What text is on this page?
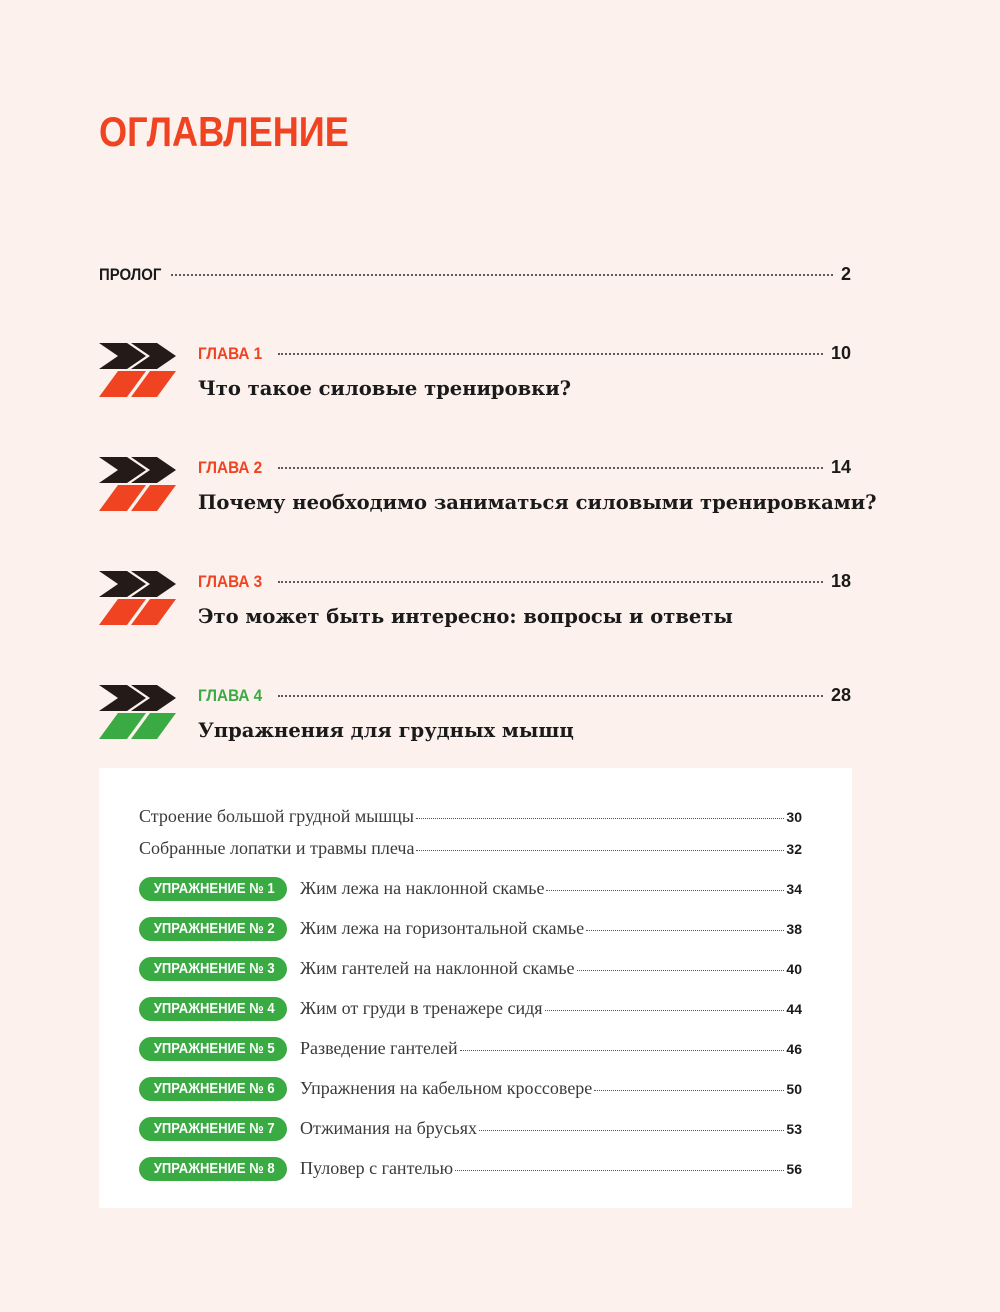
ОГЛАВЛЕНИЕ
ПРОЛОГ	2
ГЛАВА 1	10
Что такое силовые тренировки?
ГЛАВА 2	14
Почему необходимо заниматься силовыми тренировками?
ГЛАВА 3	18
Это может быть интересно: вопросы и ответы
ГЛАВА 4	28
Упражнения для грудных мышц
Строение большой грудной мышцы	30
Собранные лопатки и травмы плеча	32
УПРАЖНЕНИЕ № 1	Жим лежа на наклонной скамье	34
УПРАЖНЕНИЕ № 2	Жим лежа на горизонтальной скамье	38
УПРАЖНЕНИЕ № 3	Жим гантелей на наклонной скамье	40
УПРАЖНЕНИЕ № 4	Жим от груди в тренажере сидя	44
УПРАЖНЕНИЕ № 5	Разведение гантелей	46
УПРАЖНЕНИЕ № 6	Упражнения на кабельном кроссовере	50
УПРАЖНЕНИЕ № 7	Отжимания на брусьях	53
УПРАЖНЕНИЕ № 8	Пуловер с гантелью	56
